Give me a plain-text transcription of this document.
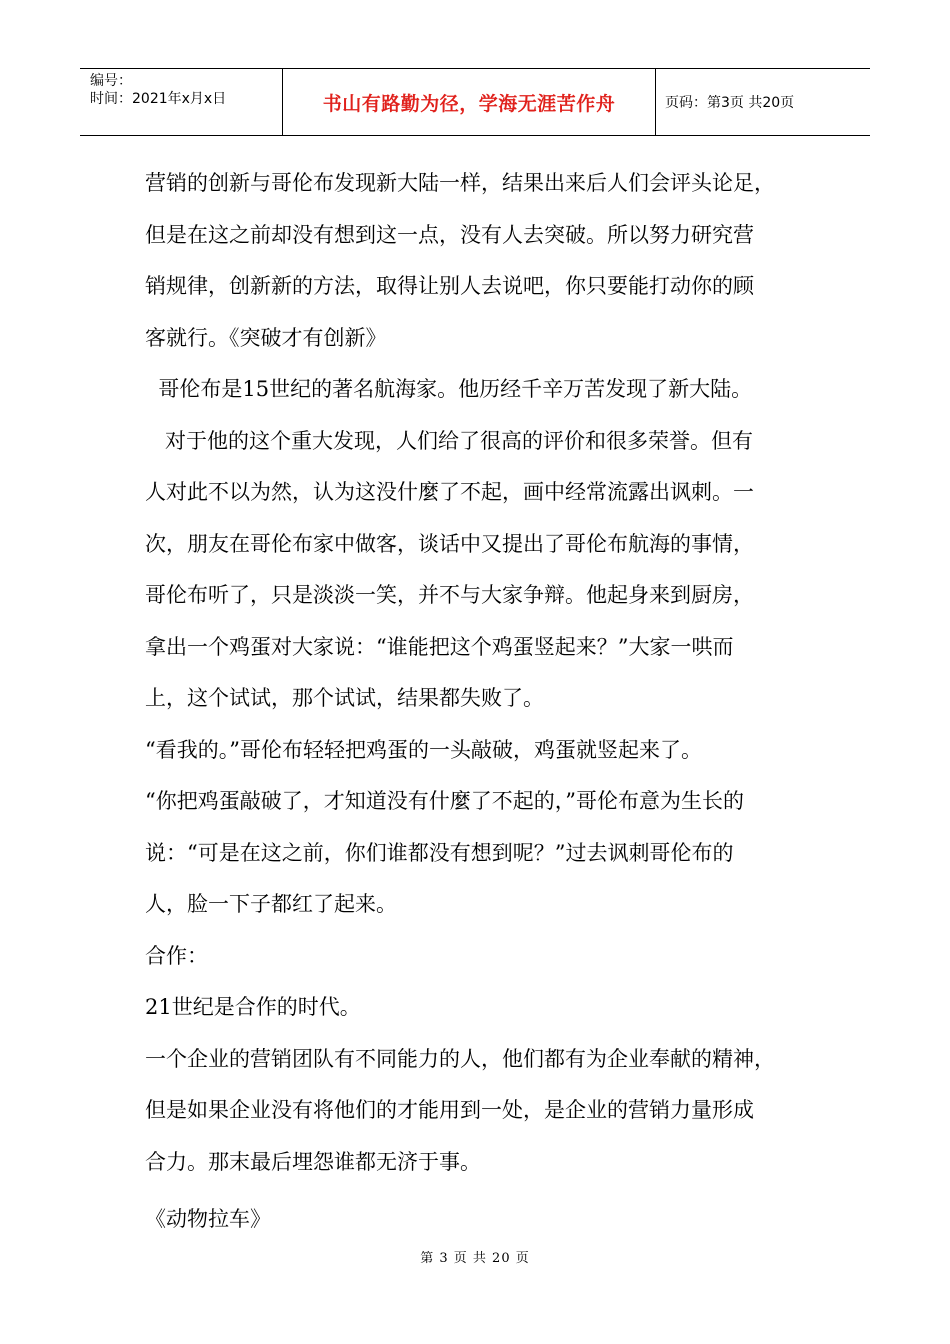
编号：
时间：2021年x月x日	书山有路勤为径，学海无涯苦作舟	页码：第3页 共20页

营销的创新与哥伦布发现新大陆一样，结果出来后人们会评头论足，

但是在这之前却没有想到这一点，没有人去突破。所以努力研究营

销规律，创新新的方法，取得让别人去说吧，你只要能打动你的顾

客就行。《突破才有创新》

哥伦布是15世纪的著名航海家。他历经千辛万苦发现了新大陆。

对于他的这个重大发现，人们给了很高的评价和很多荣誉。但有

人对此不以为然，认为这没什麼了不起，画中经常流露出讽刺。一

次，朋友在哥伦布家中做客，谈话中又提出了哥伦布航海的事情，

哥伦布听了，只是淡淡一笑，并不与大家争辩。他起身来到厨房，

拿出一个鸡蛋对大家说：“谁能把这个鸡蛋竖起来？”大家一哄而

上，这个试试，那个试试，结果都失败了。

“看我的。”哥伦布轻轻把鸡蛋的一头敲破，鸡蛋就竖起来了。

“你把鸡蛋敲破了，才知道没有什麼了不起的，”哥伦布意为生长的

说：“可是在这之前，你们谁都没有想到呢？”过去讽刺哥伦布的

人，脸一下子都红了起来。

合作：

21世纪是合作的时代。

一个企业的营销团队有不同能力的人，他们都有为企业奉献的精神，

但是如果企业没有将他们的才能用到一处，是企业的营销力量形成

合力。那末最后埋怨谁都无济于事。

《动物拉车》

第 3 页 共 20 页
